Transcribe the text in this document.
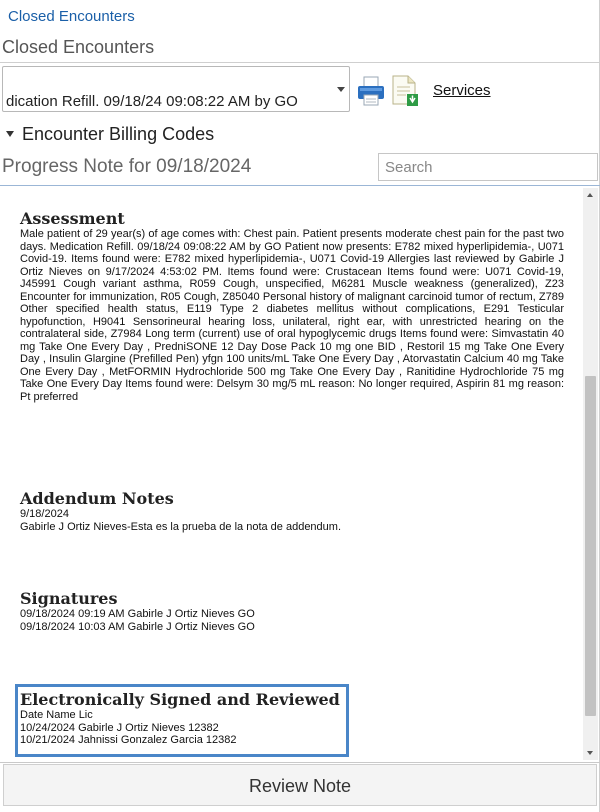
Closed Encounters
Closed Encounters
dication Refill. 09/18/24 09:08:22 AM by GO
Services
Encounter Billing Codes
Progress Note for 09/18/2024
Search
Assessment
Male patient of 29 year(s) of age comes with: Chest pain. Patient presents moderate chest pain for the past two days. Medication Refill. 09/18/24 09:08:22 AM by GO Patient now presents: E782 mixed hyperlipidemia-, U071 Covid-19. Items found were: E782 mixed hyperlipidemia-, U071 Covid-19 Allergies last reviewed by Gabirle J Ortiz Nieves on 9/17/2024 4:53:02 PM. Items found were: Crustacean Items found were: U071 Covid-19, J45991 Cough variant asthma, R059 Cough, unspecified, M6281 Muscle weakness (generalized), Z23 Encounter for immunization, R05 Cough, Z85040 Personal history of malignant carcinoid tumor of rectum, Z789 Other specified health status, E119 Type 2 diabetes mellitus without complications, E291 Testicular hypofunction, H9041 Sensorineural hearing loss, unilateral, right ear, with unrestricted hearing on the contralateral side, Z7984 Long term (current) use of oral hypoglycemic drugs Items found were: Simvastatin 40 mg Take One Every Day , PredniSONE 12 Day Dose Pack 10 mg one BID , Restoril 15 mg Take One Every Day , Insulin Glargine (Prefilled Pen) yfgn 100 units/mL Take One Every Day , Atorvastatin Calcium 40 mg Take One Every Day , MetFORMIN Hydrochloride 500 mg Take One Every Day , Ranitidine Hydrochloride 75 mg Take One Every Day Items found were: Delsym 30 mg/5 mL reason: No longer required, Aspirin 81 mg reason: Pt preferred
Addendum Notes
9/18/2024
Gabirle J Ortiz Nieves-Esta es la prueba de la nota de addendum.
Signatures
09/18/2024 09:19 AM Gabirle J Ortiz Nieves GO
09/18/2024 10:03 AM Gabirle J Ortiz Nieves GO
Electronically Signed and Reviewed
Date Name Lic
10/24/2024 Gabirle J Ortiz Nieves 12382
10/21/2024 Jahnissi Gonzalez Garcia 12382
Review Note
